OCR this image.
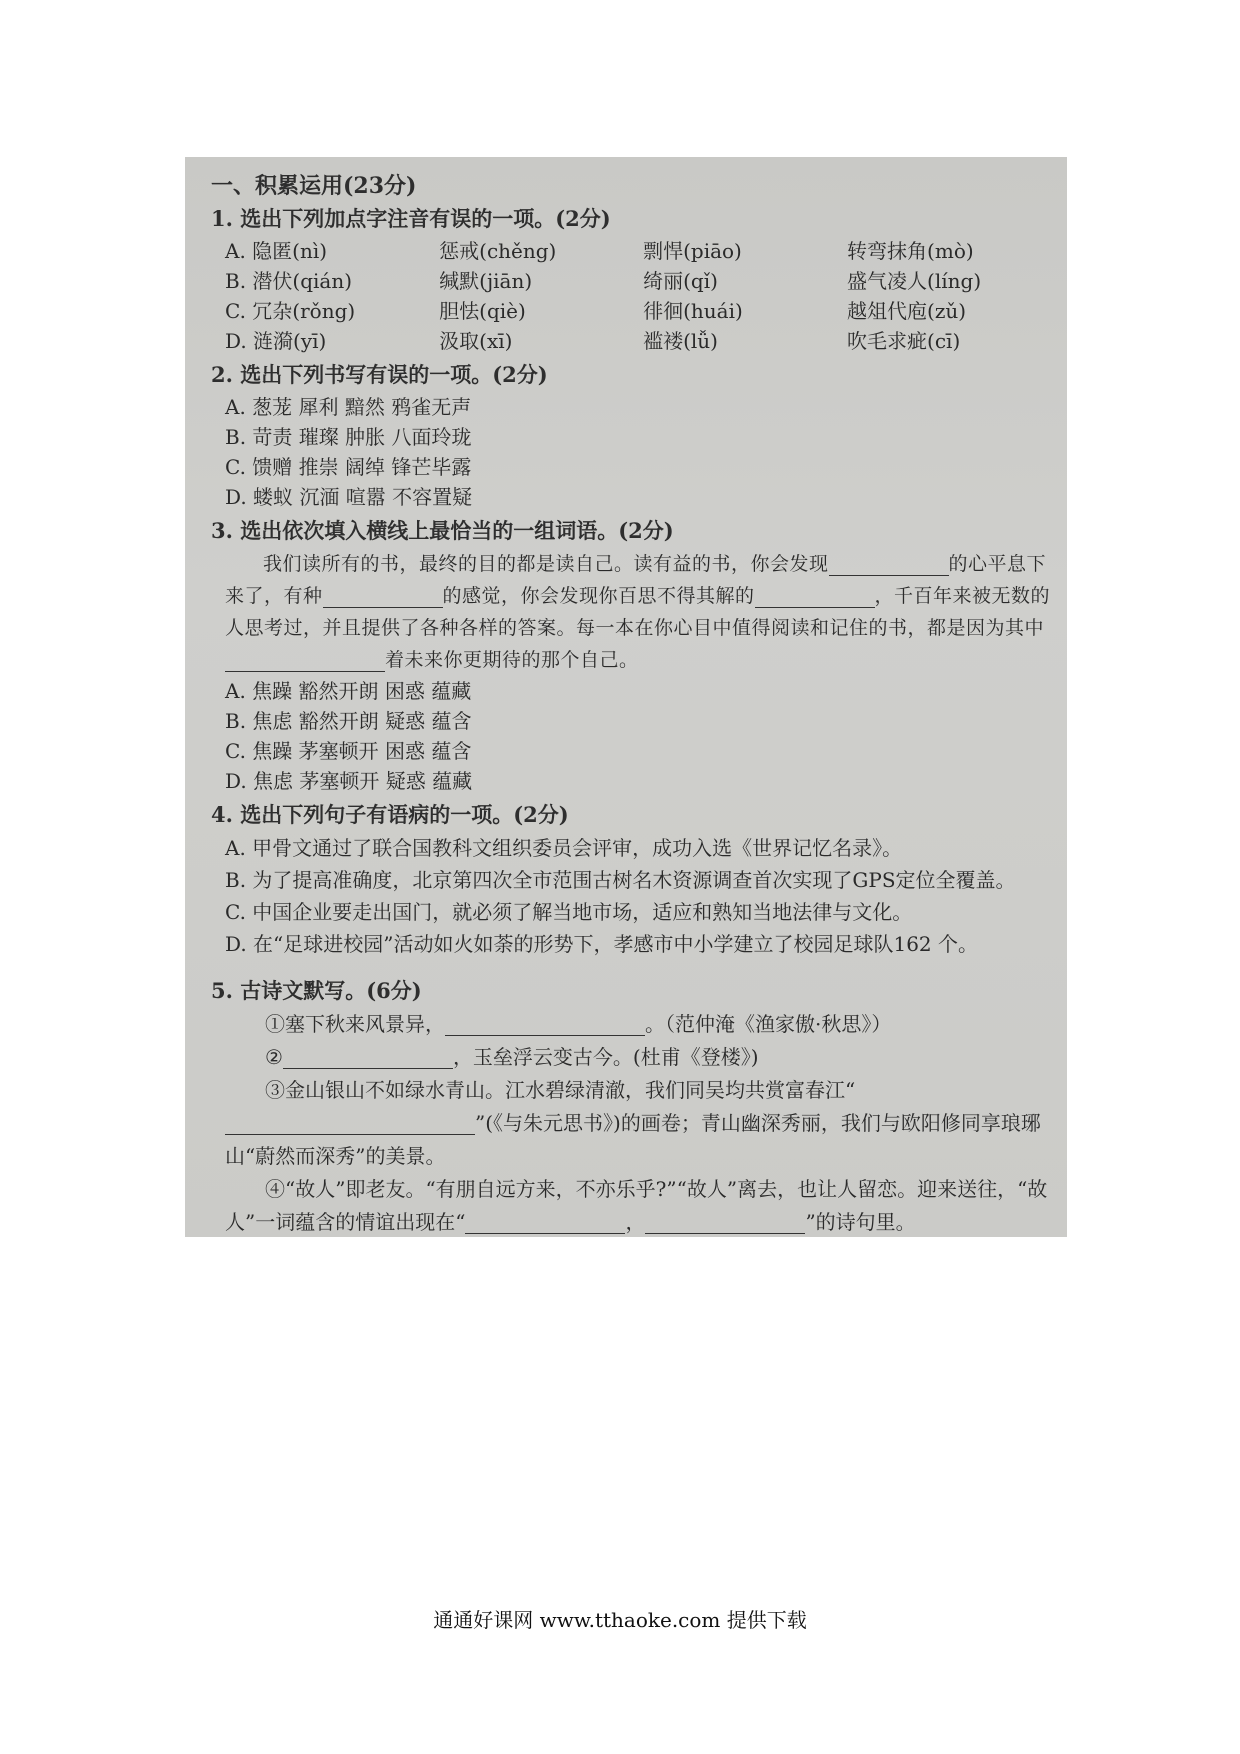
一、积累运用(23分)
1. 选出下列加点字注音有误的一项。(2分)
A. 隐匿(nì)	惩戒(chěng)	剽悍(piāo)	转弯抹角(mò)
B. 潜伏(qián)	缄默(jiān)	绮丽(qǐ)	盛气凌人(líng)
C. 冗杂(rǒng)	胆怯(qiè)	徘徊(huái)	越俎代庖(zǔ)
D. 涟漪(yī)	汲取(xī)	褴褛(lǚ)	吹毛求疵(cī)
2. 选出下列书写有误的一项。(2分)
A. 葱茏 犀利 黯然 鸦雀无声
B. 苛责 璀璨 肿胀 八面玲珑
C. 馈赠 推崇 阔绰 锋芒毕露
D. 蝼蚁 沉湎 喧嚣 不容置疑
3. 选出依次填入横线上最恰当的一组词语。(2分)
我们读所有的书，最终的目的都是读自己。读有益的书，你会发现	的心平息下来了，有种	的感觉，你会发现你百思不得其解的	，千百年来被无数的人思考过，并且提供了各种各样的答案。每一本在你心目中值得阅读和记住的书，都是因为其中着未来你更期待的那个自己。
A. 焦躁 豁然开朗 困惑 蕴藏
B. 焦虑 豁然开朗 疑惑 蕴含
C. 焦躁 茅塞顿开 困惑 蕴含
D. 焦虑 茅塞顿开 疑惑 蕴藏
4. 选出下列句子有语病的一项。(2分)
A. 甲骨文通过了联合国教科文组织委员会评审，成功入选《世界记忆名录》。
B. 为了提高准确度，北京第四次全市范围古树名木资源调查首次实现了GPS定位全覆盖。
C. 中国企业要走出国门，就必须了解当地市场，适应和熟知当地法律与文化。
D. 在“足球进校园”活动如火如荼的形势下，孝感市中小学建立了校园足球队162 个。
5. 古诗文默写。(6分)
①塞下秋来风景异，	。（范仲淹《渔家傲·秋思》）
②	，玉垒浮云变古今。(杜甫《登楼》)
③金山银山不如绿水青山。江水碧绿清澈，我们同吴均共赏富春江“”(《与朱元思书》)的画卷；青山幽深秀丽，我们与欧阳修同享琅琊山“蔚然而深秀”的美景。
④“故人”即老友。“有朋自远方来，不亦乐乎?”“故人”离去，也让人留恋。迎来送往，“故人”一词蕴含的情谊出现在“	，	”的诗句里。
通通好课网 www.tthaoke.com 提供下载
